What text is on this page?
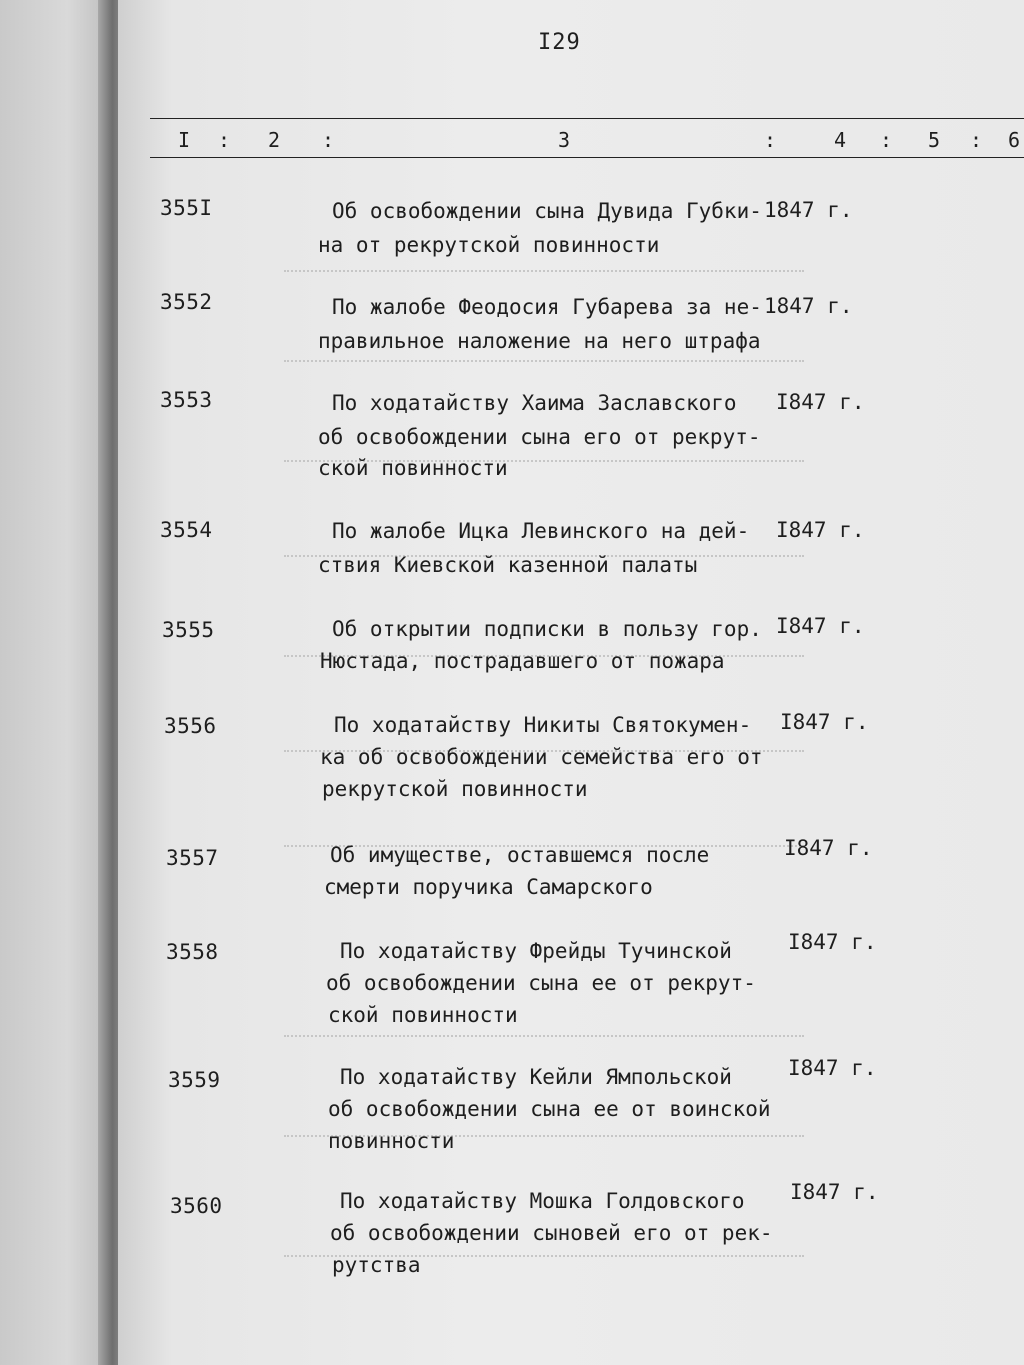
I29
I : 2 :	3	:	4 : 5 : 6
355I	Об освобождении сына Дувида Губки-
на от рекрутской повинности
1847 г.
3552	По жалобе Феодосия Губарева за не-
правильное наложение на него штрафа
1847 г.
3553	По ходатайству Хаима Заславского
об освобождении сына его от рекрут-
ской повинности
I847 г.
3554	По жалобе Ицка Левинского на дей-
ствия Киевской казенной палаты
I847 г.
3555	Об открытии подписки в пользу гор.
Нюстада, пострадавшего от пожара
I847 г.
3556	По ходатайству Никиты Святокумен-
ка об освобождении семейства его от
рекрутской повинности
I847 г.
3557	Об имуществе, оставшемся после
смерти поручика Самарского
I847 г.
3558	По ходатайству Фрейды Тучинской
об освобождении сына ее от рекрут-
ской повинности
I847 г.
3559	По ходатайству Кейли Ямпольской
об освобождении сына ее от воинской
повинности
I847 г.
3560	По ходатайству Мошка Голдовского
об освобождении сыновей его от рек-
рутства
I847 г.
